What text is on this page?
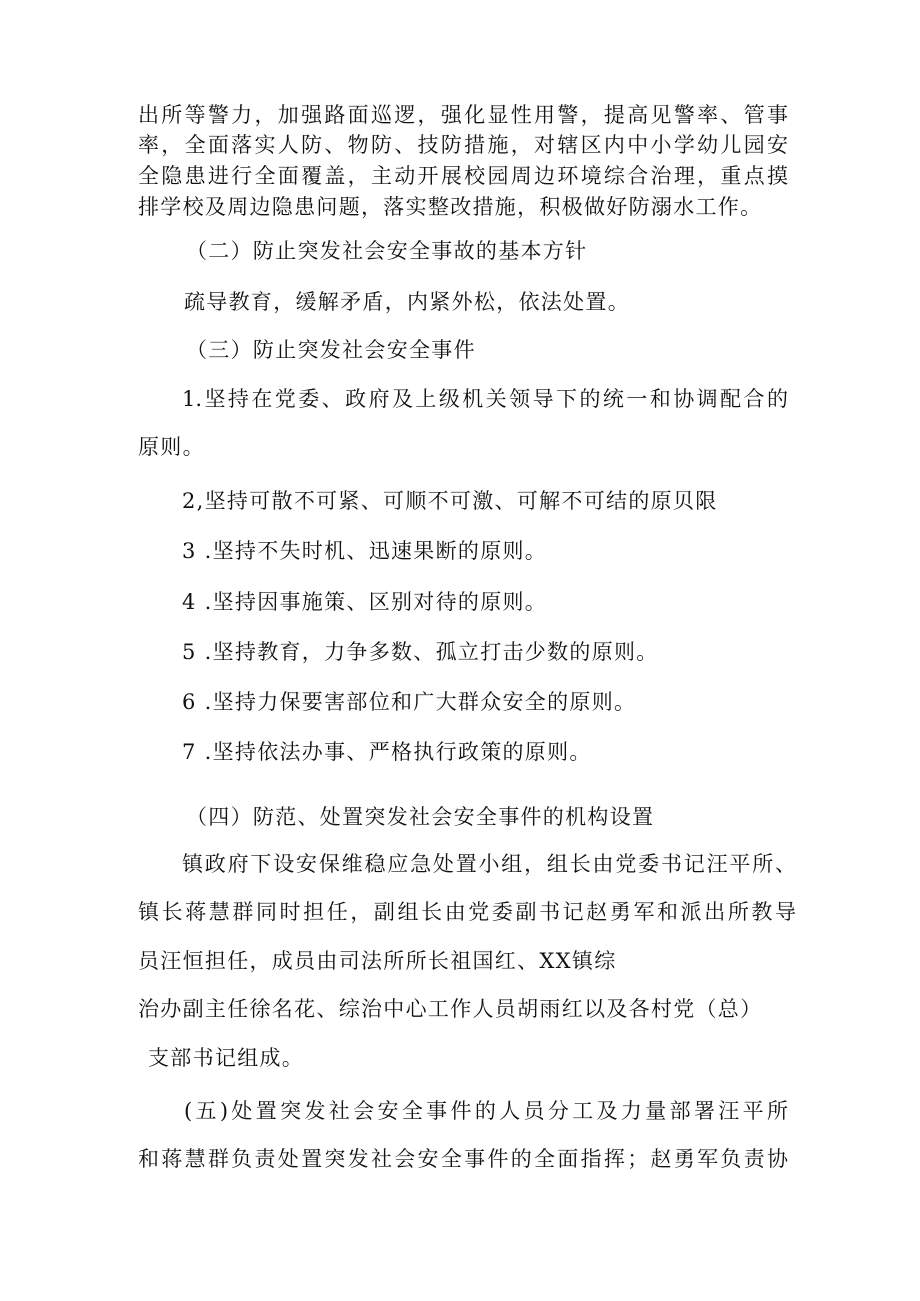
出所等警力，加强路面巡逻，强化显性用警，提高见警率、管事
率，全面落实人防、物防、技防措施，对辖区内中小学幼儿园安
全隐患进行全面覆盖，主动开展校园周边环境综合治理，重点摸
排学校及周边隐患问题，落实整改措施，积极做好防溺水工作。
（二）防止突发社会安全事故的基本方针
疏导教育，缓解矛盾，内紧外松，依法处置。
（三）防止突发社会安全事件
1.坚持在党委、政府及上级机关领导下的统一和协调配合的
原则。
2,坚持可散不可紧、可顺不可激、可解不可结的原贝限
3 .坚持不失时机、迅速果断的原则。
4 .坚持因事施策、区别对待的原则。
5 .坚持教育，力争多数、孤立打击少数的原则。
6 .坚持力保要害部位和广大群众安全的原则。
7 .坚持依法办事、严格执行政策的原则。
（四）防范、处置突发社会安全事件的机构设置
镇政府下设安保维稳应急处置小组，组长由党委书记汪平所、
镇长蒋慧群同时担任，副组长由党委副书记赵勇军和派出所教导
员汪恒担任，成员由司法所所长祖国红、XX镇综
治办副主任徐名花、综治中心工作人员胡雨红以及各村党（总）
支部书记组成。
(五)处置突发社会安全事件的人员分工及力量部署汪平所
和蒋慧群负责处置突发社会安全事件的全面指挥；赵勇军负责协
